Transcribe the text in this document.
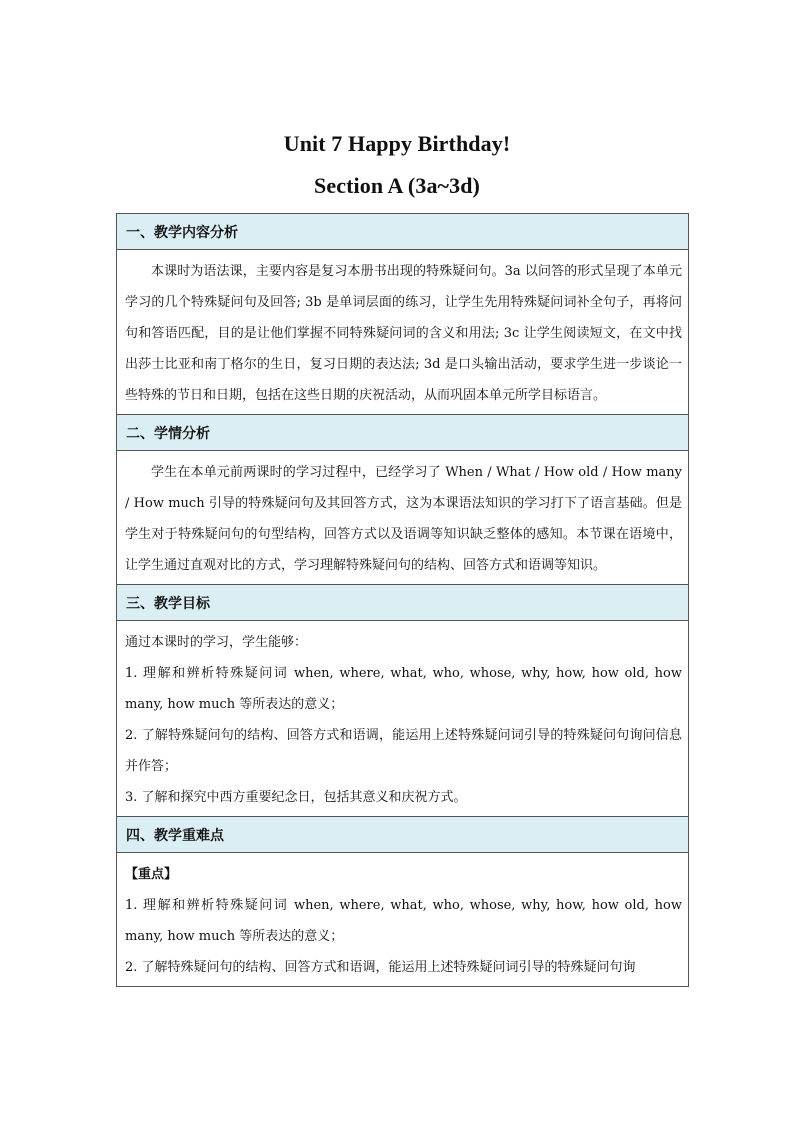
Unit 7 Happy Birthday!
Section A (3a~3d)
一、教学内容分析

本课时为语法课，主要内容是复习本册书出现的特殊疑问句。3a 以问答的形式呈现了本单元学习的几个特殊疑问句及回答; 3b 是单词层面的练习，让学生先用特殊疑问词补全句子，再将问句和答语匹配，目的是让他们掌握不同特殊疑问词的含义和用法; 3c 让学生阅读短文，在文中找出莎士比亚和南丁格尔的生日，复习日期的表达法; 3d 是口头输出活动，要求学生进一步谈论一些特殊的节日和日期，包括在这些日期的庆祝活动，从而巩固本单元所学目标语言。

二、学情分析

学生在本单元前两课时的学习过程中，已经学习了 When / What / How old / How many / How much 引导的特殊疑问句及其回答方式，这为本课语法知识的学习打下了语言基础。但是学生对于特殊疑问句的句型结构，回答方式以及语调等知识缺乏整体的感知。本节课在语境中，让学生通过直观对比的方式，学习理解特殊疑问句的结构、回答方式和语调等知识。

三、教学目标

通过本课时的学习，学生能够：

1. 理解和辨析特殊疑问词 when, where, what, who, whose, why, how, how old, how many, how much 等所表达的意义；

2. 了解特殊疑问句的结构、回答方式和语调，能运用上述特殊疑问词引导的特殊疑问句询问信息并作答；

3. 了解和探究中西方重要纪念日，包括其意义和庆祝方式。

四、教学重难点

【重点】

1. 理解和辨析特殊疑问词 when, where, what, who, whose, why, how, how old, how many, how much 等所表达的意义；

2. 了解特殊疑问句的结构、回答方式和语调，能运用上述特殊疑问词引导的特殊疑问句询
